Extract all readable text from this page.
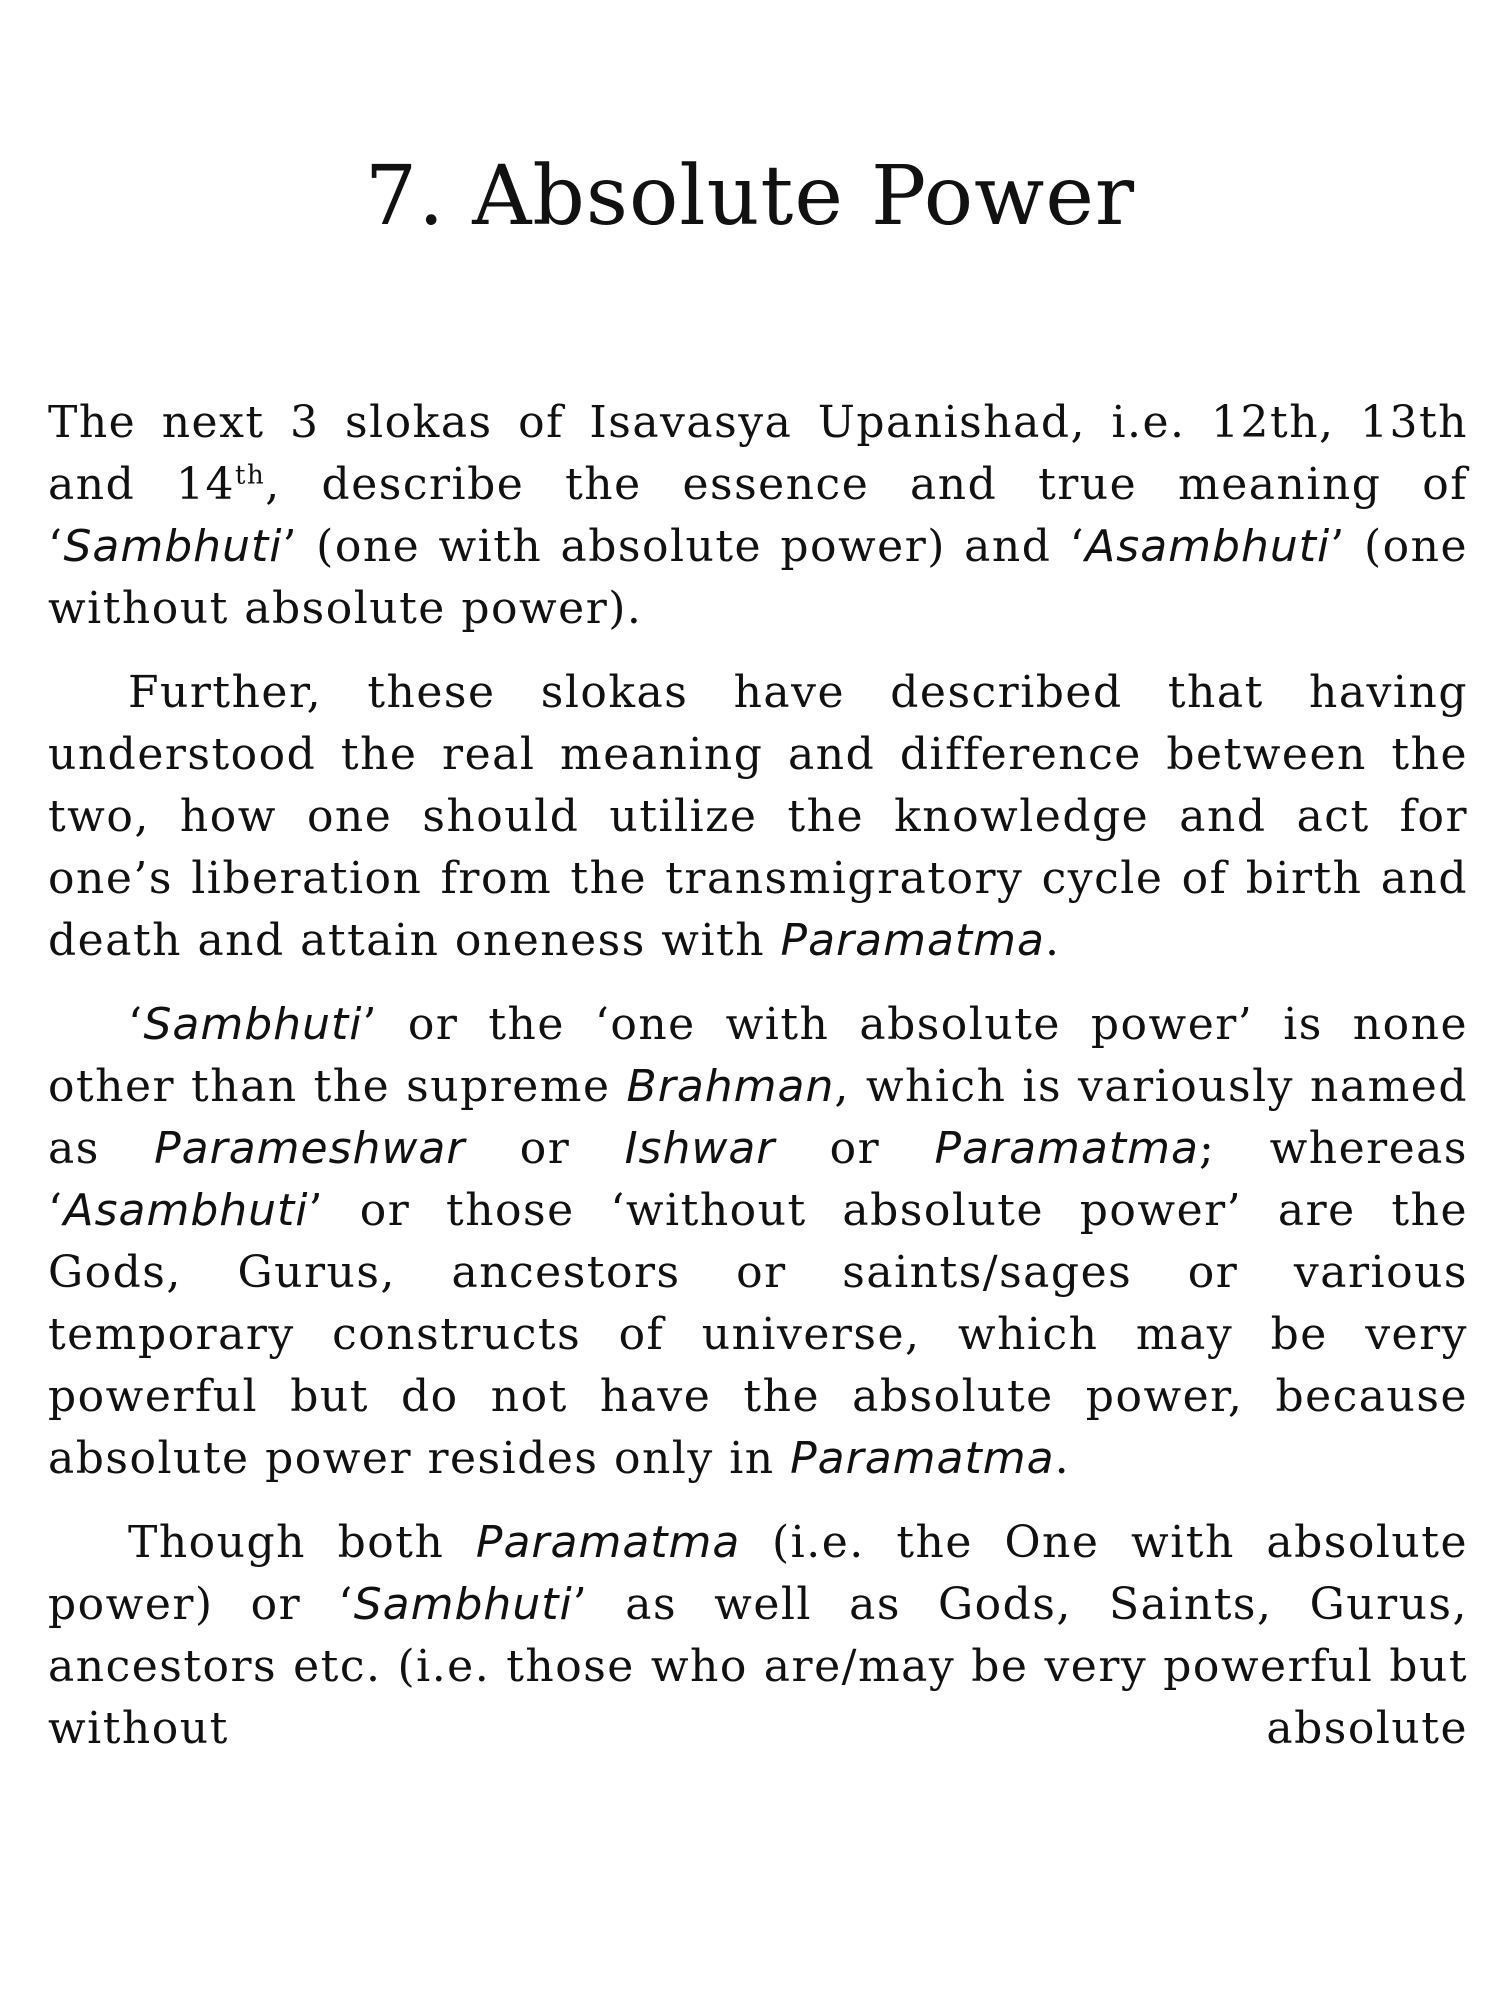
7. Absolute Power

The next 3 slokas of Isavasya Upanishad, i.e. 12th, 13th and 14th, describe the essence and true meaning of ‘Sambhuti’ (one with absolute power) and ‘Asambhuti’ (one without absolute power).

Further, these slokas have described that having understood the real meaning and difference between the two, how one should utilize the knowledge and act for one’s liberation from the transmigratory cycle of birth and death and attain oneness with Paramatma.

‘Sambhuti’ or the ‘one with absolute power’ is none other than the supreme Brahman, which is variously named as Parameshwar or Ishwar or Paramatma; whereas ‘Asambhuti’ or those ‘without absolute power’ are the Gods, Gurus, ancestors or saints/sages or various temporary constructs of universe, which may be very powerful but do not have the absolute power, because absolute power resides only in Paramatma.

Though both Paramatma (i.e. the One with absolute power) or ‘Sambhuti’ as well as Gods, Saints, Gurus, ancestors etc. (i.e. those who are/may be very powerful but without absolute
